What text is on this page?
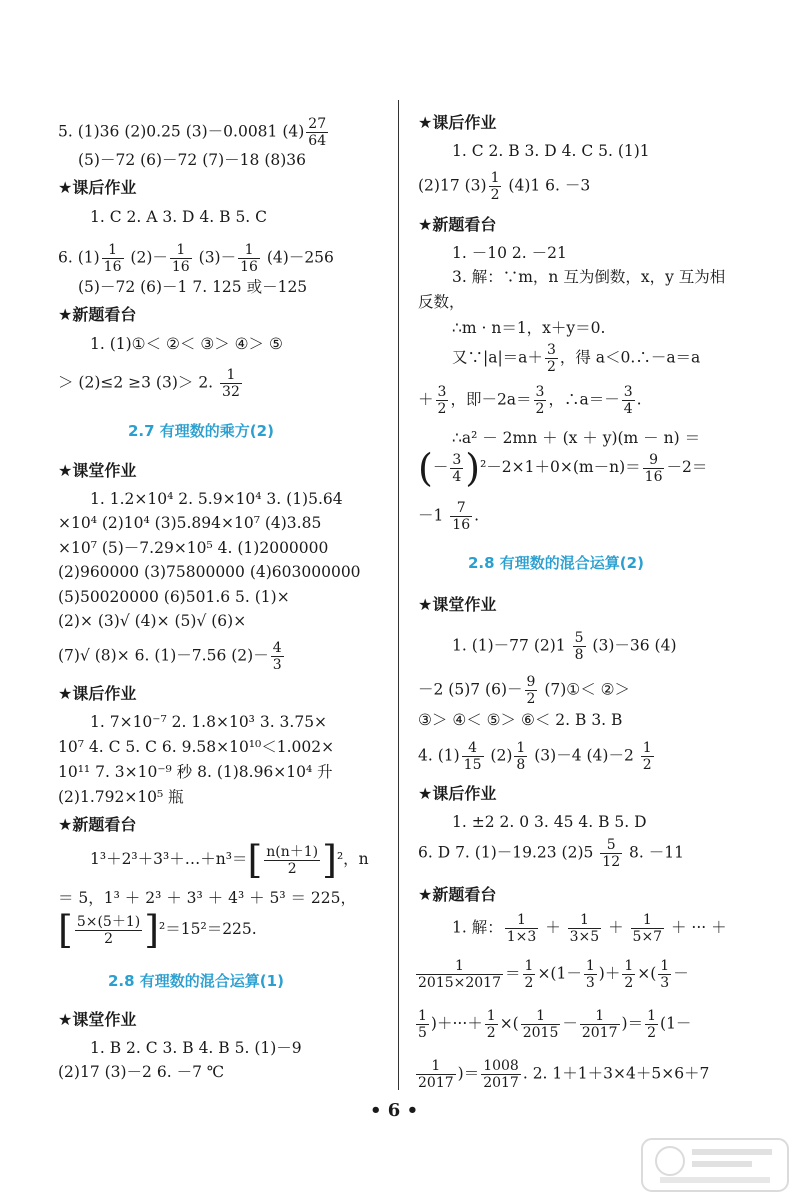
5. (1)36 (2)0.25 (3)－0.0081 $(4) \frac{27}{64}$
(5)－72 (6)－72 (7)－18 (8)36
★课后作业
1. C 2. A 3. D 4. B 5. C
6. $(1) \frac{1}{16} (2)- \frac{1}{16} (3)- \frac{1}{16} (4)-256$
(5)－72 (6)－1 7. 125 或－125
★新题看台
1. (1)①＜ ②＜ ③＞ ④＞ ⑤
＞ (2)≤2 ≥3 (3)＞ 2. $\frac{1}{32}$
2.7 有理数的乘方(2)
★课堂作业
1. 1.2×10⁴ 2. 5.9×10⁴ 3. (1)5.64
×10⁴ (2)10⁴ (3)5.894×10⁷ (4)3.85
×10⁷ (5)－7.29×10⁵ 4. (1)2000000
(2)960000 (3)75800000 (4)603000000
(5)50020000 (6)501.6 5. (1)×
(2)× (3)√ (4)× (5)√ (6)×
(7)√ (8)× 6. (1)－7.56 $(2)- \frac{4}{3}$
★课后作业
1. 7×10⁻⁷ 2. 1.8×10³ 3. 3.75×
10⁷ 4. C 5. C 6. 9.58×10¹⁰＜1.002×
10¹¹ 7. 3×10⁻⁹ 秒 8. (1)8.96×10⁴ 升
(2)1.792×10⁵ 瓶
★新题看台
1³＋2³＋3³＋…＋n³＝[ $\frac{n(n+1)}{2} ]^2$，n
＝ 5，1³ ＋ 2³ ＋ 3³ ＋ 4³ ＋ 5³ ＝ 225，
[ $\frac{5\times(5+1)}{2} ]^2=15^2=225$.
2.8 有理数的混合运算(1)
★课堂作业
1. B 2. C 3. B 4. B 5. (1)－9
(2)17 (3)－2 6. －7 ℃
★课后作业
1. C 2. B 3. D 4. C 5. (1)1
(2)17 $(3) \frac{1}{2} (4)1$ 6. －3
★新题看台
1. －10 2. －21
3. 解：∵m，n 互为倒数，x，y 互为相
反数，
∴m · n＝1，x＋y＝0.
又∵|a|＝a＋ $\frac{3}{2}$ ，得 a＜0.∴－a＝a
＋ $\frac{3}{2}$ ，即$-2a= \frac{3}{2}$ ，∴a＝－ $\frac{3}{4}$ .
∴a² － 2mn ＋ (x ＋ y)(m － n) ＝
(－ $\frac{3}{4} )^2-2\times 1+0\times(m-n)= \frac{9}{16} -2=$
$-1 \frac{7}{16}$ .
2.8 有理数的混合运算(2)
★课堂作业
1. (1)－77 $(2)1 \frac{5}{8} (3)-36$ (4)
－2 (5)7 $(6)- \frac{9}{2}$ (7)①＜ ②＞
③＞ ④＜ ⑤＞ ⑥＜ 2. B 3. B
4. $(1) \frac{4}{15} (2) \frac{1}{8} (3)-4$ $(4)-2 \frac{1}{2}$
★课后作业
1. ±2 2. 0 3. 45 4. B 5. D
6. D 7. (1)－19.23 $(2)5 \frac{5}{12} 8$. －11
★新题看台
1. 解： $\frac{1}{1\times 3} + \frac{1}{3\times 5} + \frac{1}{5\times 7}$ ＋ ··· ＋
$\frac{1}{2015\times 2017} = \frac{1}{2} \times(1- \frac{1}{3}$ )＋ $\frac{1}{2}$ ×( $\frac{1}{3}$ －
$\frac{1}{5}$ )＋···＋ $\frac{1}{2}$ ×( $\frac{1}{2015} - \frac{1}{2017}$ )＝ $\frac{1}{2} (1-$
$\frac{1}{2017}$ )＝ $\frac{1008}{2017}$ . 2. 1＋1＋3×4＋5×6＋7
• 6 •
